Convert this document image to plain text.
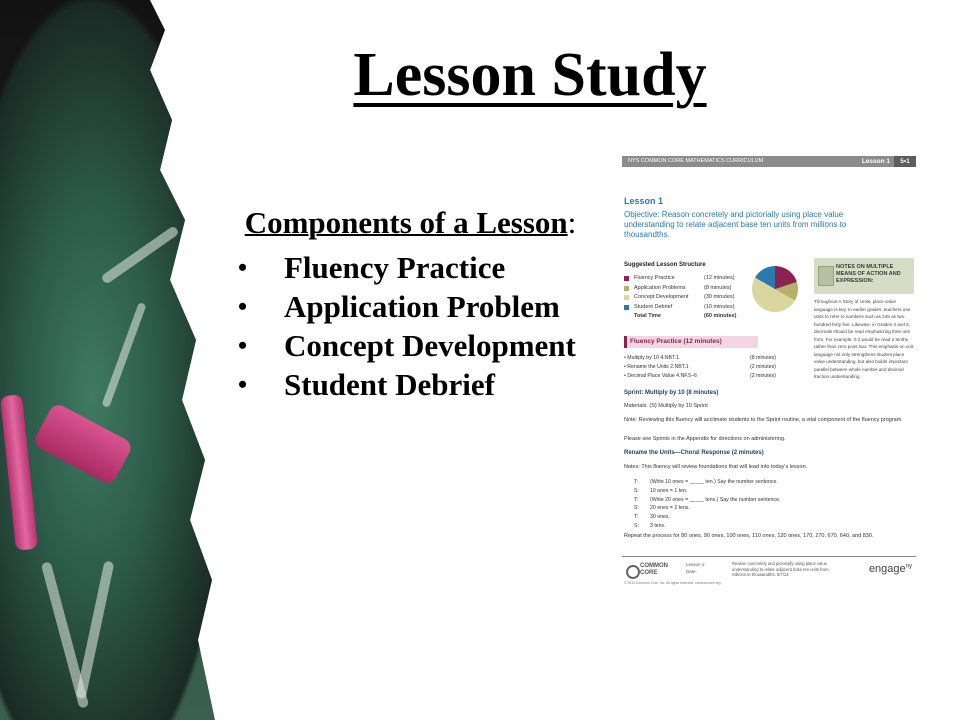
Lesson Study
Components of a Lesson:
• Fluency Practice
• Application Problem
• Concept Development
• Student Debrief
NYS COMMON CORE MATHEMATICS CURRICULUM	Lesson 1	5•1
Lesson 1
Objective: Reason concretely and pictorially using place value understanding to relate adjacent base ten units from millions to thousandths.
Suggested Lesson Structure
Fluency Practice	(12 minutes)
Application Problems	(8 minutes)
Concept Development	(30 minutes)
Student Debrief	(10 minutes)
Total Time	(60 minutes)
NOTES ON MULTIPLE MEANS OF ACTION AND EXPRESSION:
Throughout A Story of Units, place value language is key. In earlier grades, teachers use units to refer to numbers such as 245 as two hundred forty five. Likewise, in Grades 4 and 5, decimals should be read emphasizing their unit form. For example, 0.2 would be read 2 tenths rather than zero point two. This emphasis on unit language not only strengthens student place value understanding, but also builds important parallel between whole number and decimal fraction understanding.
Fluency Practice (12 minutes)
• Multiply by 10 4.NBT.1	(8 minutes)
• Rename the Units 2.NBT.1	(2 minutes)
• Decimal Place Value 4.NF.5–6	(2 minutes)
Sprint: Multiply by 10 (8 minutes)
Materials: (S) Multiply by 10 Sprint
Note: Reviewing this fluency will acclimate students to the Sprint routine, a vital component of the fluency program.
Please see Sprints in the Appendix for directions on administering.
Rename the Units—Choral Response (2 minutes)
Notes: This fluency will review foundations that will lead into today's lesson.
T: (Write 10 ones = _____ ten.) Say the number sentence.
S: 10 ones = 1 ten.
T: (Write 20 ones = _____ tens.) Say the number sentence.
S: 20 ones = 2 tens.
T: 30 ones.
S: 3 tens.
Repeat the process for 80 ones, 90 ones, 100 ones, 110 ones, 120 ones, 170, 270, 670, 640, and 830.
COMMON CORE
Lesson 1:
Date:
Reason concretely and pictorially using place value understanding to relate adjacent base ten units from millions to thousandths. 5/7/13	engage$^{ny}$
© 2013 Common Core, Inc. All rights reserved. commoncore.org
